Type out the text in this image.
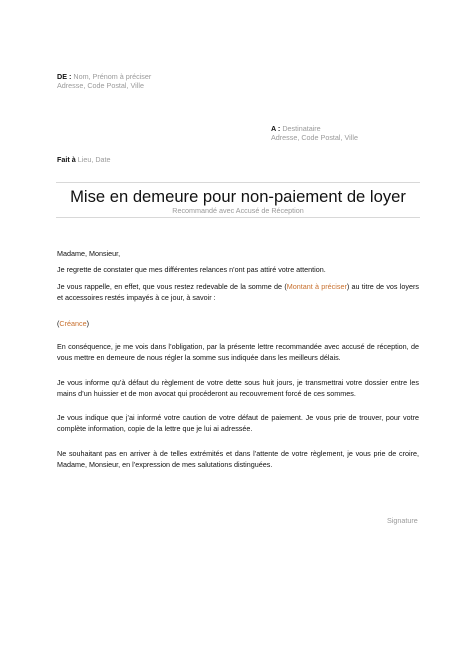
DE : Nom, Prénom à préciser
Adresse, Code Postal, Ville
A : Destinataire
Adresse, Code Postal, Ville
Fait à Lieu, Date
Mise en demeure pour non-paiement de loyer
Recommandé avec Accusé de Réception
Madame, Monsieur,
Je regrette de constater que mes différentes relances n’ont pas attiré votre attention.
Je vous rappelle, en effet, que vous restez redevable de la somme de (Montant à préciser) au titre de vos loyers et accessoires restés impayés à ce jour, à savoir :
(Créance)
En conséquence, je me vois dans l’obligation, par la présente lettre recommandée avec accusé de réception, de vous mettre en demeure de nous régler la somme sus indiquée dans les meilleurs délais.
Je vous informe qu’à défaut du règlement de votre dette sous huit jours, je transmettrai votre dossier entre les mains d’un huissier et de mon avocat qui procéderont au recouvrement forcé de ces sommes.
Je vous indique que j’ai informé votre caution de votre défaut de paiement. Je vous prie de trouver, pour votre complète information, copie de la lettre que je lui ai adressée.
Ne souhaitant pas en arriver à de telles extrémités et dans l’attente de votre règlement, je vous prie de croire, Madame, Monsieur, en l’expression de mes salutations distinguées.
Signature
